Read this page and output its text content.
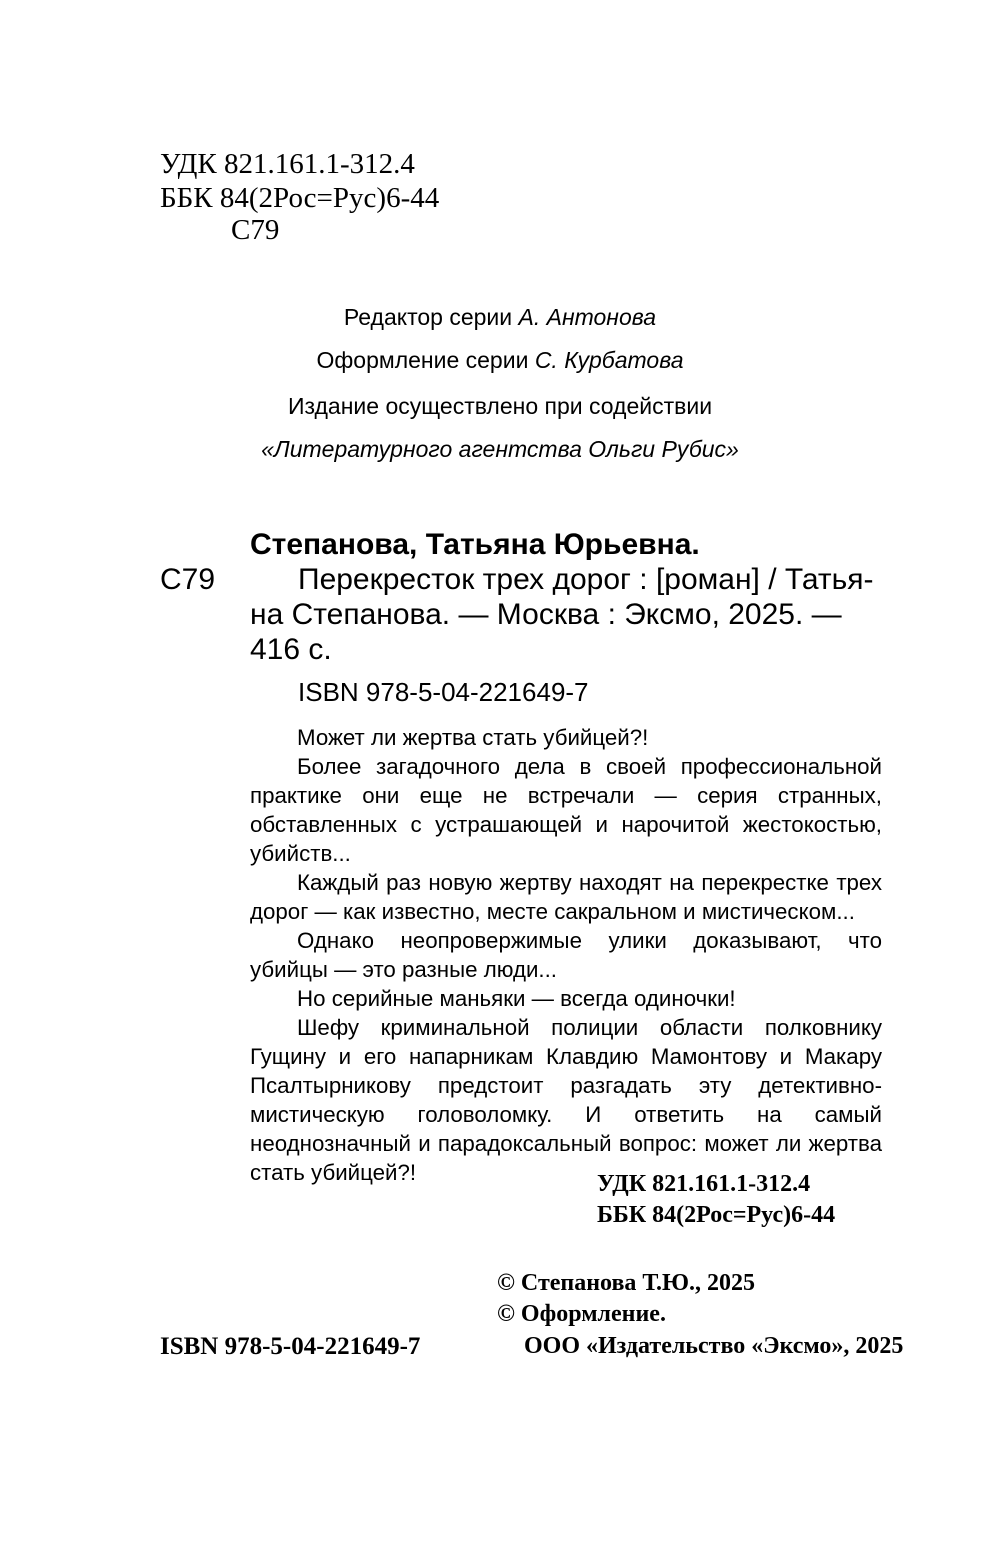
УДК 821.161.1-312.4
ББК 84(2Рос=Рус)6-44
С79
Редактор серии А. Антонова
Оформление серии С. Курбатова
Издание осуществлено при содействии
«Литературного агентства Ольги Рубис»
Степанова, Татьяна Юрьевна.
С79	Перекресток трех дорог : [роман] / Татья-
на Степанова. — Москва : Эксмо, 2025. —
416 с.
ISBN 978-5-04-221649-7

Может ли жертва стать убийцей?!

Более загадочного дела в своей профессиональной практике они еще не встречали — серия странных, обставленных с устрашающей и нарочитой жестокостью, убийств...

Каждый раз новую жертву находят на перекрестке трех дорог — как известно, месте сакральном и мистическом...

Однако неопровержимые улики доказывают, что убийцы — это разные люди...

Но серийные маньяки — всегда одиночки!

Шефу криминальной полиции области полковнику Гущину и его напарникам Клавдию Мамонтову и Макару Псалтырникову предстоит разгадать эту детективно-мистическую головоломку. И ответить на самый неоднозначный и парадоксальный вопрос: может ли жертва стать убийцей?!	УДК 821.161.1-312.4
ББК 84(2Рос=Рус)6-44
© Степанова Т.Ю., 2025
© Оформление.
ООО «Издательство «Эксмо», 2025
ISBN 978-5-04-221649-7
